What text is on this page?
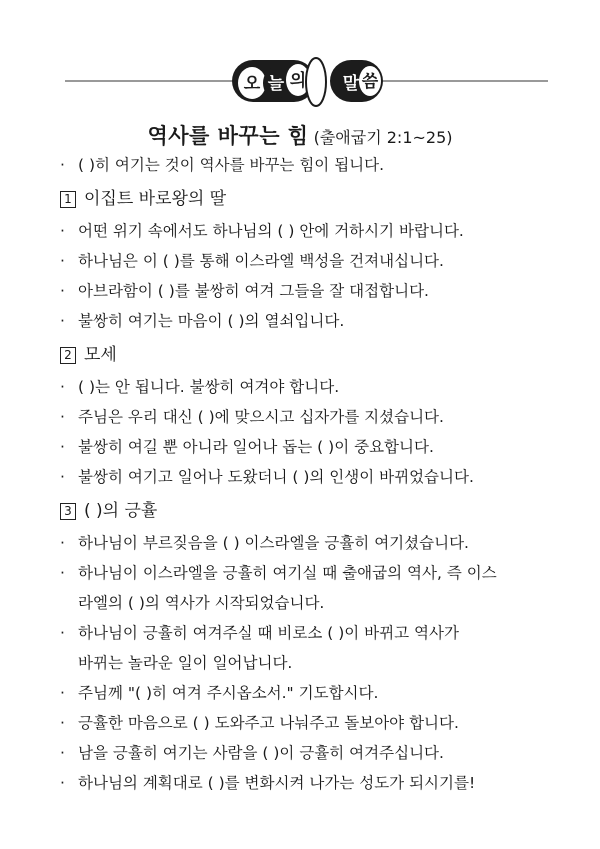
오 늘 의 말 씀
역사를 바꾸는 힘 (출애굽기 2:1~25)
· ( )히 여기는 것이 역사를 바꾸는 힘이 됩니다.
1 이집트 바로왕의 딸
· 어떤 위기 속에서도 하나님의 ( ) 안에 거하시기 바랍니다.
· 하나님은 이 ( )를 통해 이스라엘 백성을 건져내십니다.
· 아브라함이 ( )를 불쌍히 여겨 그들을 잘 대접합니다.
· 불쌍히 여기는 마음이 ( )의 열쇠입니다.
2 모세
· ( )는 안 됩니다. 불쌍히 여겨야 합니다.
· 주님은 우리 대신 ( )에 맞으시고 십자가를 지셨습니다.
· 불쌍히 여길 뿐 아니라 일어나 돕는 ( )이 중요합니다.
· 불쌍히 여기고 일어나 도왔더니 ( )의 인생이 바뀌었습니다.
3 ( )의 긍휼
· 하나님이 부르짖음을 ( ) 이스라엘을 긍휼히 여기셨습니다.
· 하나님이 이스라엘을 긍휼히 여기실 때 출애굽의 역사, 즉 이스
라엘의 ( )의 역사가 시작되었습니다.
· 하나님이 긍휼히 여겨주실 때 비로소 ( )이 바뀌고 역사가
바뀌는 놀라운 일이 일어납니다.
· 주님께 "( )히 여겨 주시옵소서." 기도합시다.
· 긍휼한 마음으로 ( ) 도와주고 나눠주고 돌보아야 합니다.
· 남을 긍휼히 여기는 사람을 ( )이 긍휼히 여겨주십니다.
· 하나님의 계획대로 ( )를 변화시켜 나가는 성도가 되시기를!
